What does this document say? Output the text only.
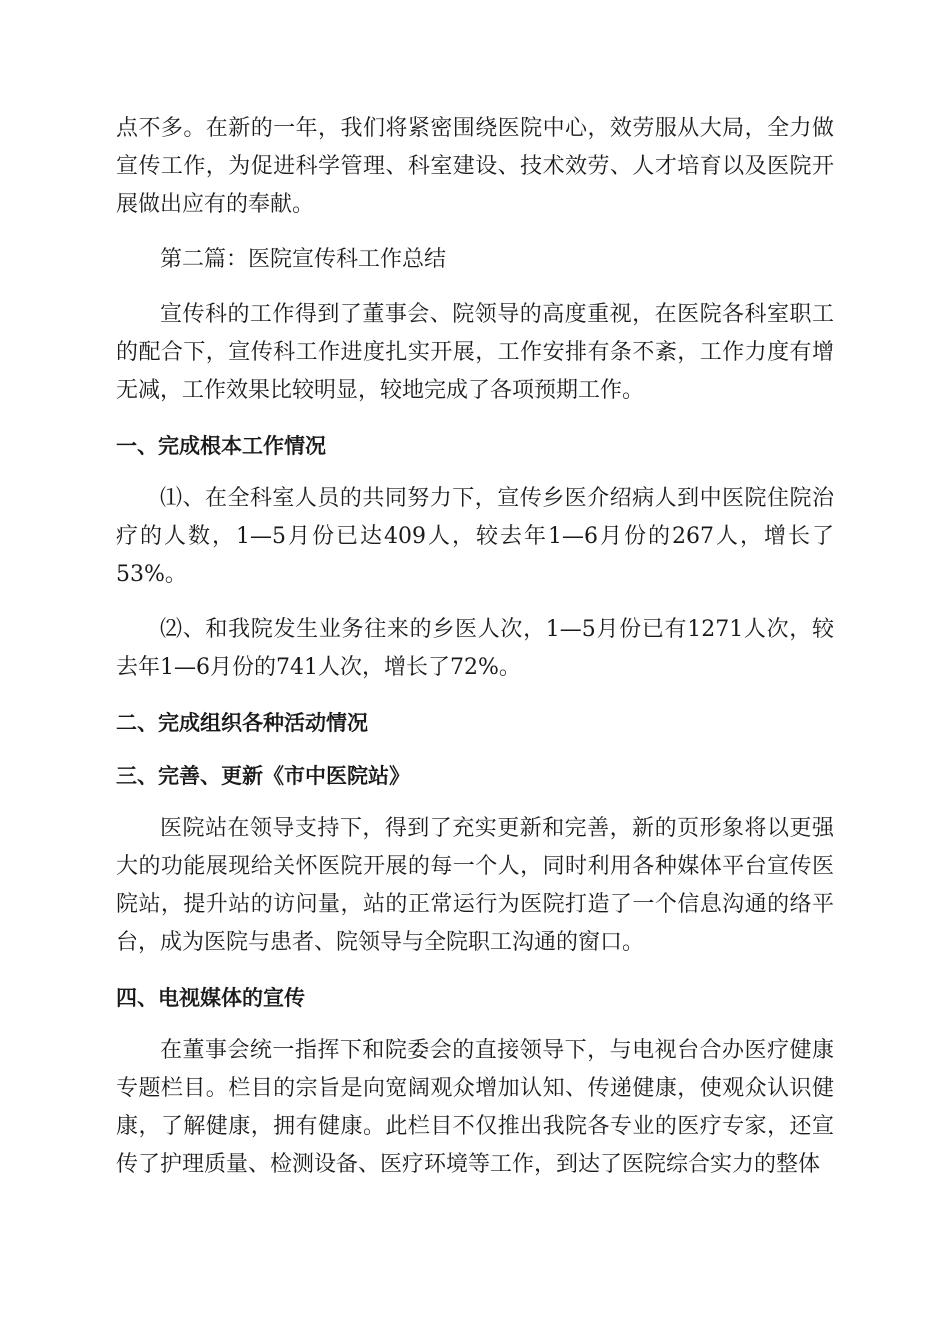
点不多。在新的一年，我们将紧密围绕医院中心，效劳服从大局，全力做宣传工作，为促进科学管理、科室建设、技术效劳、人才培育以及医院开展做出应有的奉献。

第二篇：医院宣传科工作总结

宣传科的工作得到了董事会、院领导的高度重视，在医院各科室职工的配合下，宣传科工作进度扎实开展，工作安排有条不紊，工作力度有增无减，工作效果比较明显，较地完成了各项预期工作。

一、完成根本工作情况

⑴、在全科室人员的共同努力下，宣传乡医介绍病人到中医院住院治疗的人数，1—5月份已达409人，较去年1—6月份的267人，增长了53%。

⑵、和我院发生业务往来的乡医人次，1—5月份已有1271人次，较去年1—6月份的741人次，增长了72%。

二、完成组织各种活动情况

三、完善、更新《市中医院站》

医院站在领导支持下，得到了充实更新和完善，新的页形象将以更强大的功能展现给关怀医院开展的每一个人，同时利用各种媒体平台宣传医院站，提升站的访问量，站的正常运行为医院打造了一个信息沟通的络平台，成为医院与患者、院领导与全院职工沟通的窗口。

四、电视媒体的宣传

在董事会统一指挥下和院委会的直接领导下，与电视台合办医疗健康专题栏目。栏目的宗旨是向宽阔观众增加认知、传递健康，使观众认识健康，了解健康，拥有健康。此栏目不仅推出我院各专业的医疗专家，还宣传了护理质量、检测设备、医疗环境等工作，到达了医院综合实力的整体
